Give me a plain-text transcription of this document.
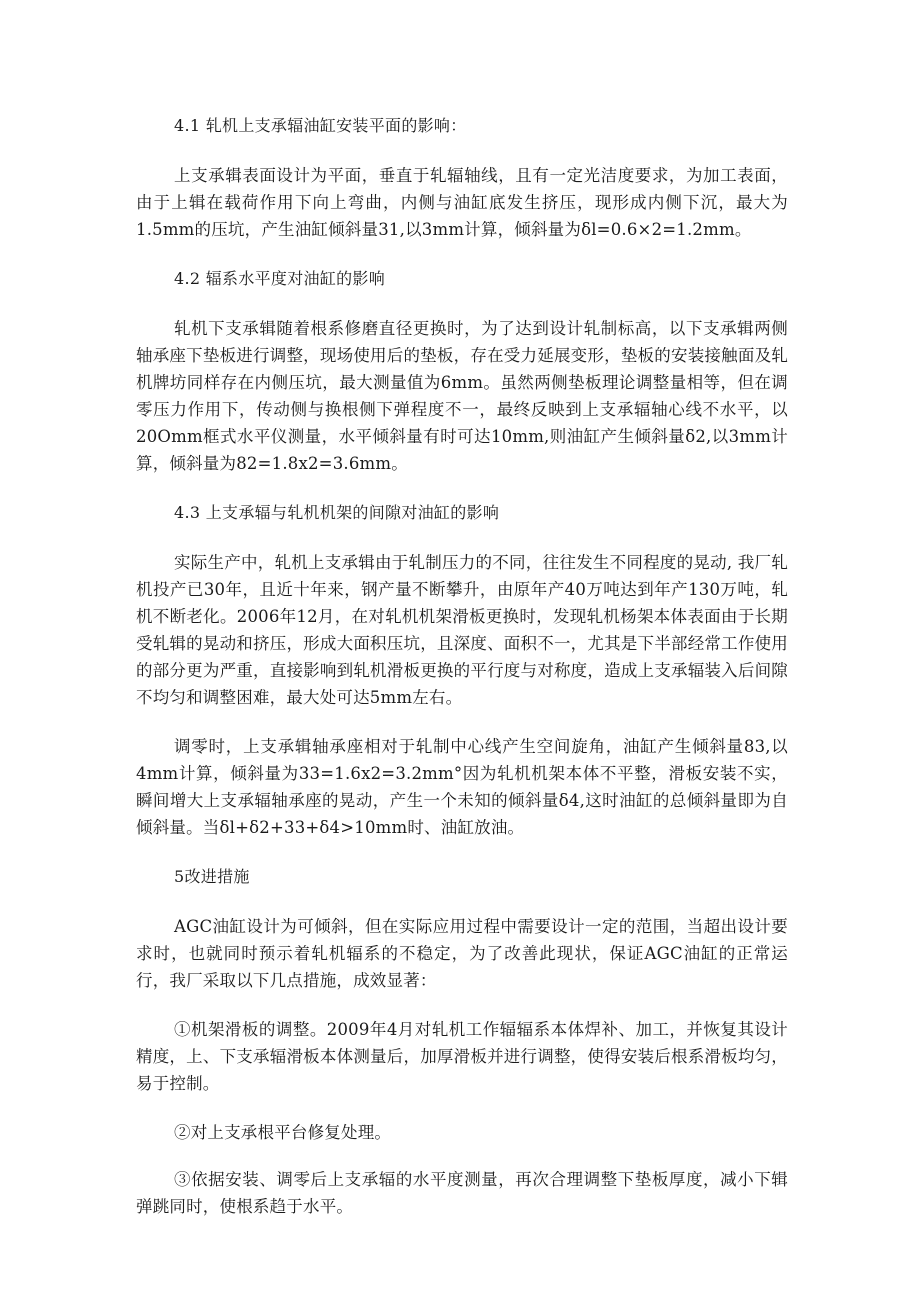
4.1 轧机上支承辐油缸安装平面的影响：
上支承辑表面设计为平面，垂直于轧辐轴线，且有一定光洁度要求，为加工表面，由于上辑在载荷作用下向上弯曲，内侧与油缸底发生挤压，现形成内侧下沉，最大为1.5mm的压坑，产生油缸倾斜量31,以3mm计算，倾斜量为δl=0.6×2=1.2mm。
4.2 辐系水平度对油缸的影响
轧机下支承辑随着根系修磨直径更换时，为了达到设计轧制标高，以下支承辑两侧轴承座下垫板进行调整，现场使用后的垫板，存在受力延展变形，垫板的安装接触面及轧机牌坊同样存在内侧压坑，最大测量值为6mm。虽然两侧垫板理论调整量相等，但在调零压力作用下，传动侧与换根侧下弹程度不一，最终反映到上支承辐轴心线不水平，以20Omm框式水平仪测量，水平倾斜量有时可达10mm,则油缸产生倾斜量δ2,以3mm计算，倾斜量为82=1.8x2=3.6mm。
4.3 上支承辐与轧机机架的间隙对油缸的影响
实际生产中，轧机上支承辑由于轧制压力的不同，往往发生不同程度的晃动, 我厂轧机投产已30年，且近十年来，钢产量不断攀升，由原年产40万吨达到年产130万吨，轧机不断老化。2006年12月，在对轧机机架滑板更换时，发现轧机杨架本体表面由于长期受轧辑的晃动和挤压，形成大面积压坑，且深度、面积不一，尤其是下半部经常工作使用的部分更为严重，直接影响到轧机滑板更换的平行度与对称度，造成上支承辐装入后间隙不均匀和调整困难，最大处可达5mm左右。
调零时，上支承辑轴承座相对于轧制中心线产生空间旋角，油缸产生倾斜量83,以4mm计算，倾斜量为33=1.6x2=3.2mm°因为轧机机架本体不平整，滑板安装不实，瞬间增大上支承辐轴承座的晃动，产生一个未知的倾斜量δ4,这时油缸的总倾斜量即为自倾斜量。当δl+δ2+33+δ4>10mm时、油缸放油。
5改进措施
AGC油缸设计为可倾斜，但在实际应用过程中需要设计一定的范围，当超出设计要求时，也就同时预示着轧机辐系的不稳定，为了改善此现状，保证AGC油缸的正常运行，我厂采取以下几点措施，成效显著：
①机架滑板的调整。2009年4月对轧机工作辐辐系本体焊补、加工，并恢复其设计精度，上、下支承辐滑板本体测量后，加厚滑板并进行调整，使得安装后根系滑板均匀，易于控制。
②对上支承根平台修复处理。
③依据安装、调零后上支承辐的水平度测量，再次合理调整下垫板厚度，减小下辑弹跳同时，使根系趋于水平。
